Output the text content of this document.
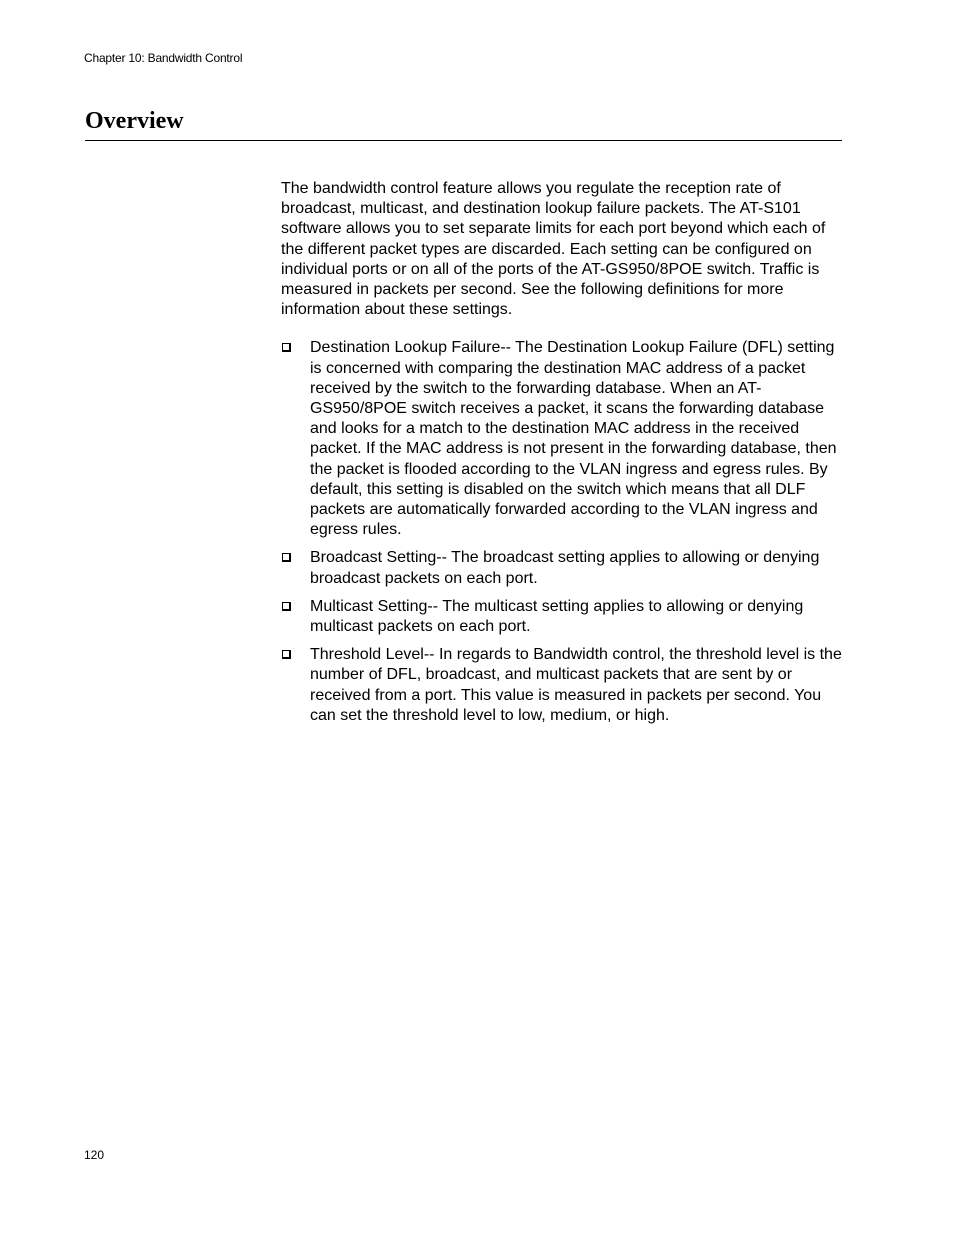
Chapter 10: Bandwidth Control
Overview

The bandwidth control feature allows you regulate the reception rate of broadcast, multicast, and destination lookup failure packets. The AT-S101 software allows you to set separate limits for each port beyond which each of the different packet types are discarded. Each setting can be configured on individual ports or on all of the ports of the AT-GS950/8POE switch. Traffic is measured in packets per second. See the following definitions for more information about these settings.

Destination Lookup Failure-- The Destination Lookup Failure (DFL) setting is concerned with comparing the destination MAC address of a packet received by the switch to the forwarding database. When an AT-GS950/8POE switch receives a packet, it scans the forwarding database and looks for a match to the destination MAC address in the received packet. If the MAC address is not present in the forwarding database, then the packet is flooded according to the VLAN ingress and egress rules. By default, this setting is disabled on the switch which means that all DLF packets are automatically forwarded according to the VLAN ingress and egress rules.
Broadcast Setting-- The broadcast setting applies to allowing or denying broadcast packets on each port.
Multicast Setting-- The multicast setting applies to allowing or denying multicast packets on each port.
Threshold Level-- In regards to Bandwidth control, the threshold level is the number of DFL, broadcast, and multicast packets that are sent by or received from a port. This value is measured in packets per second. You can set the threshold level to low, medium, or high.
120
